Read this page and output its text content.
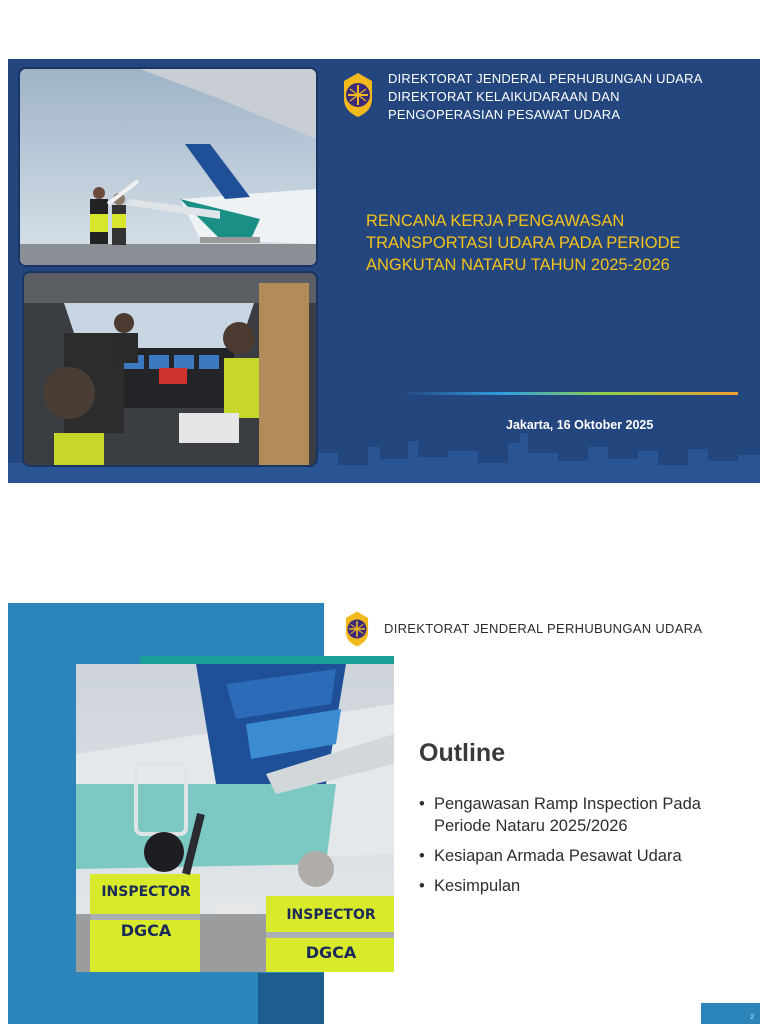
DIREKTORAT JENDERAL PERHUBUNGAN UDARA
DIREKTORAT KELAIKUDARAAN DAN
PENGOPERASIAN PESAWAT UDARA
RENCANA KERJA PENGAWASAN
TRANSPORTASI UDARA PADA PERIODE
ANGKUTAN NATARU TAHUN 2025-2026
Jakarta, 16 Oktober 2025
INSPECTOR
DGCA
INSPECTOR
DGCA
DIREKTORAT JENDERAL PERHUBUNGAN UDARA
Outline
• Pengawasan Ramp Inspection Pada Periode Nataru 2025/2026
• Kesiapan Armada Pesawat Udara
• Kesimpulan
2
